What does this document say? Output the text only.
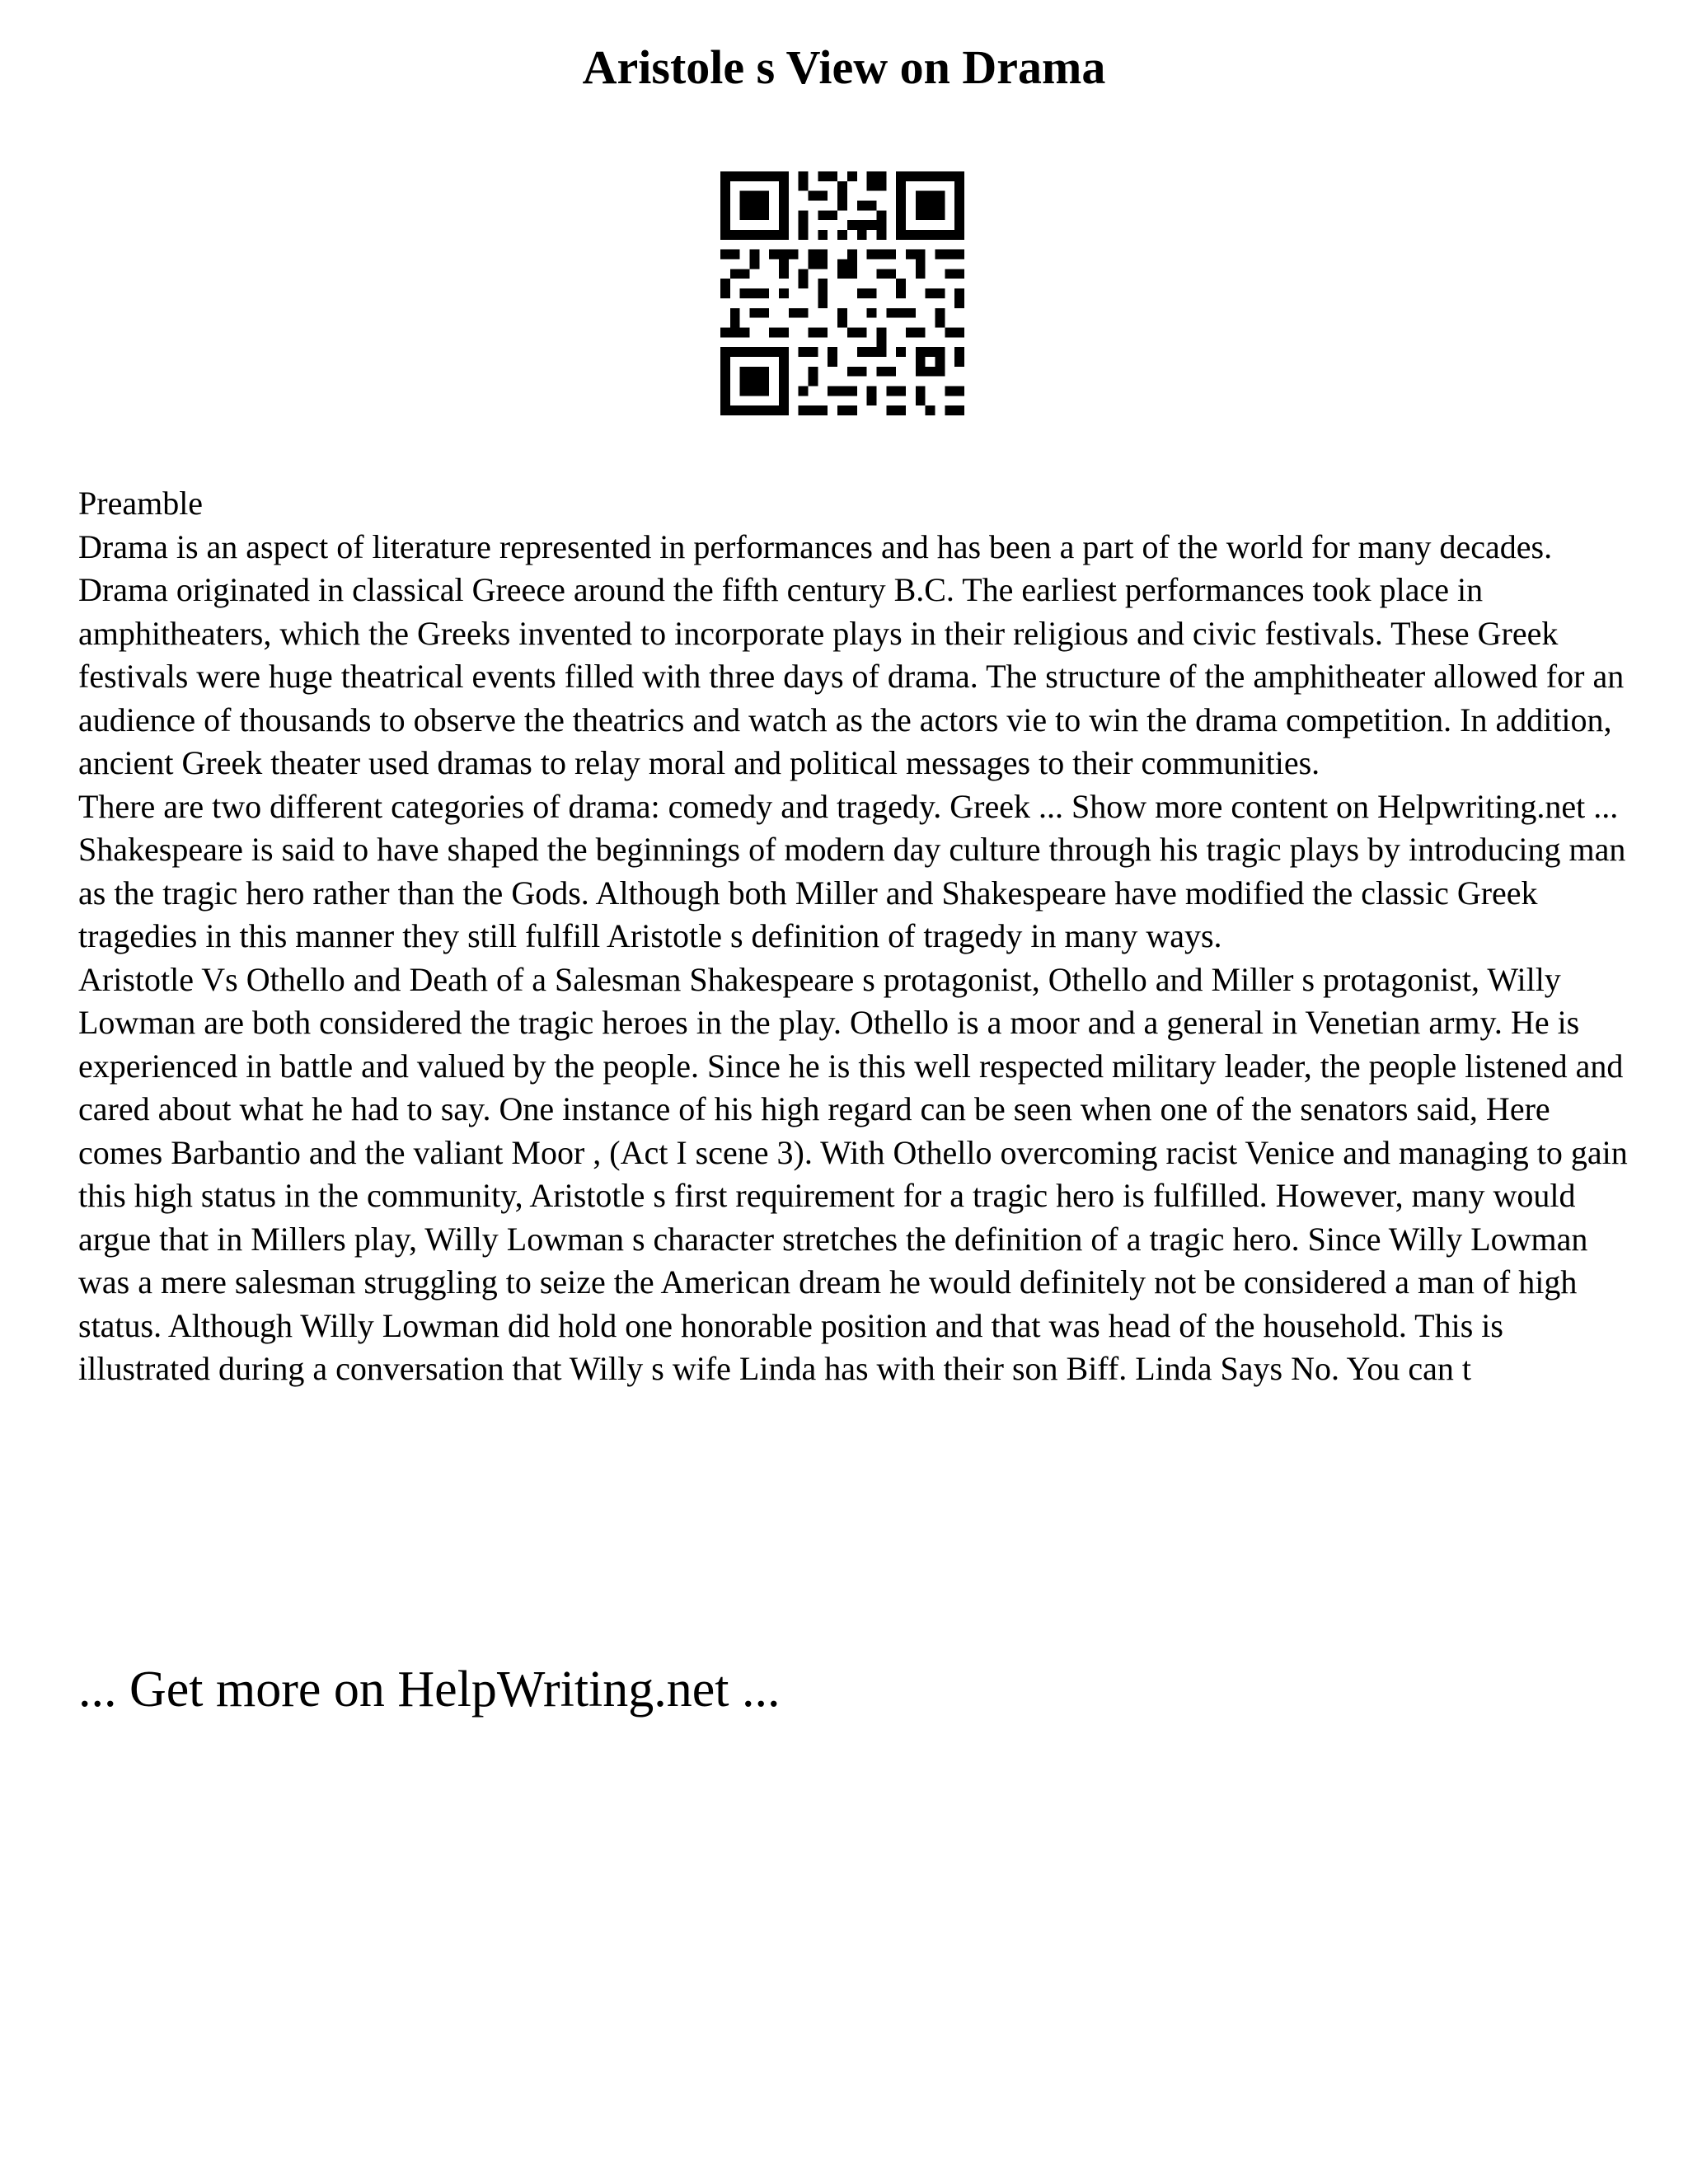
Aristole s View on Drama

Preamble

Drama is an aspect of literature represented in performances and has been a part of the world for many decades. Drama originated in classical Greece around the fifth century B.C. The earliest performances took place in amphitheaters, which the Greeks invented to incorporate plays in their religious and civic festivals. These Greek festivals were huge theatrical events filled with three days of drama. The structure of the amphitheater allowed for an audience of thousands to observe the theatrics and watch as the actors vie to win the drama competition. In addition, ancient Greek theater used dramas to relay moral and political messages to their communities.

There are two different categories of drama: comedy and tragedy. Greek ... Show more content on Helpwriting.net ...

Shakespeare is said to have shaped the beginnings of modern day culture through his tragic plays by introducing man as the tragic hero rather than the Gods. Although both Miller and Shakespeare have modified the classic Greek tragedies in this manner they still fulfill Aristotle s definition of tragedy in many ways.

Aristotle Vs Othello and Death of a Salesman Shakespeare s protagonist, Othello and Miller s protagonist, Willy Lowman are both considered the tragic heroes in the play. Othello is a moor and a general in Venetian army. He is experienced in battle and valued by the people. Since he is this well respected military leader, the people listened and cared about what he had to say. One instance of his high regard can be seen when one of the senators said, Here comes Barbantio and the valiant Moor , (Act I scene 3). With Othello overcoming racist Venice and managing to gain this high status in the community, Aristotle s first requirement for a tragic hero is fulfilled. However, many would argue that in Millers play, Willy Lowman s character stretches the definition of a tragic hero. Since Willy Lowman was a mere salesman struggling to seize the American dream he would definitely not be considered a man of high status. Although Willy Lowman did hold one honorable position and that was head of the household. This is illustrated during a conversation that Willy s wife Linda has with their son Biff. Linda Says No. You can t

... Get more on HelpWriting.net ...
